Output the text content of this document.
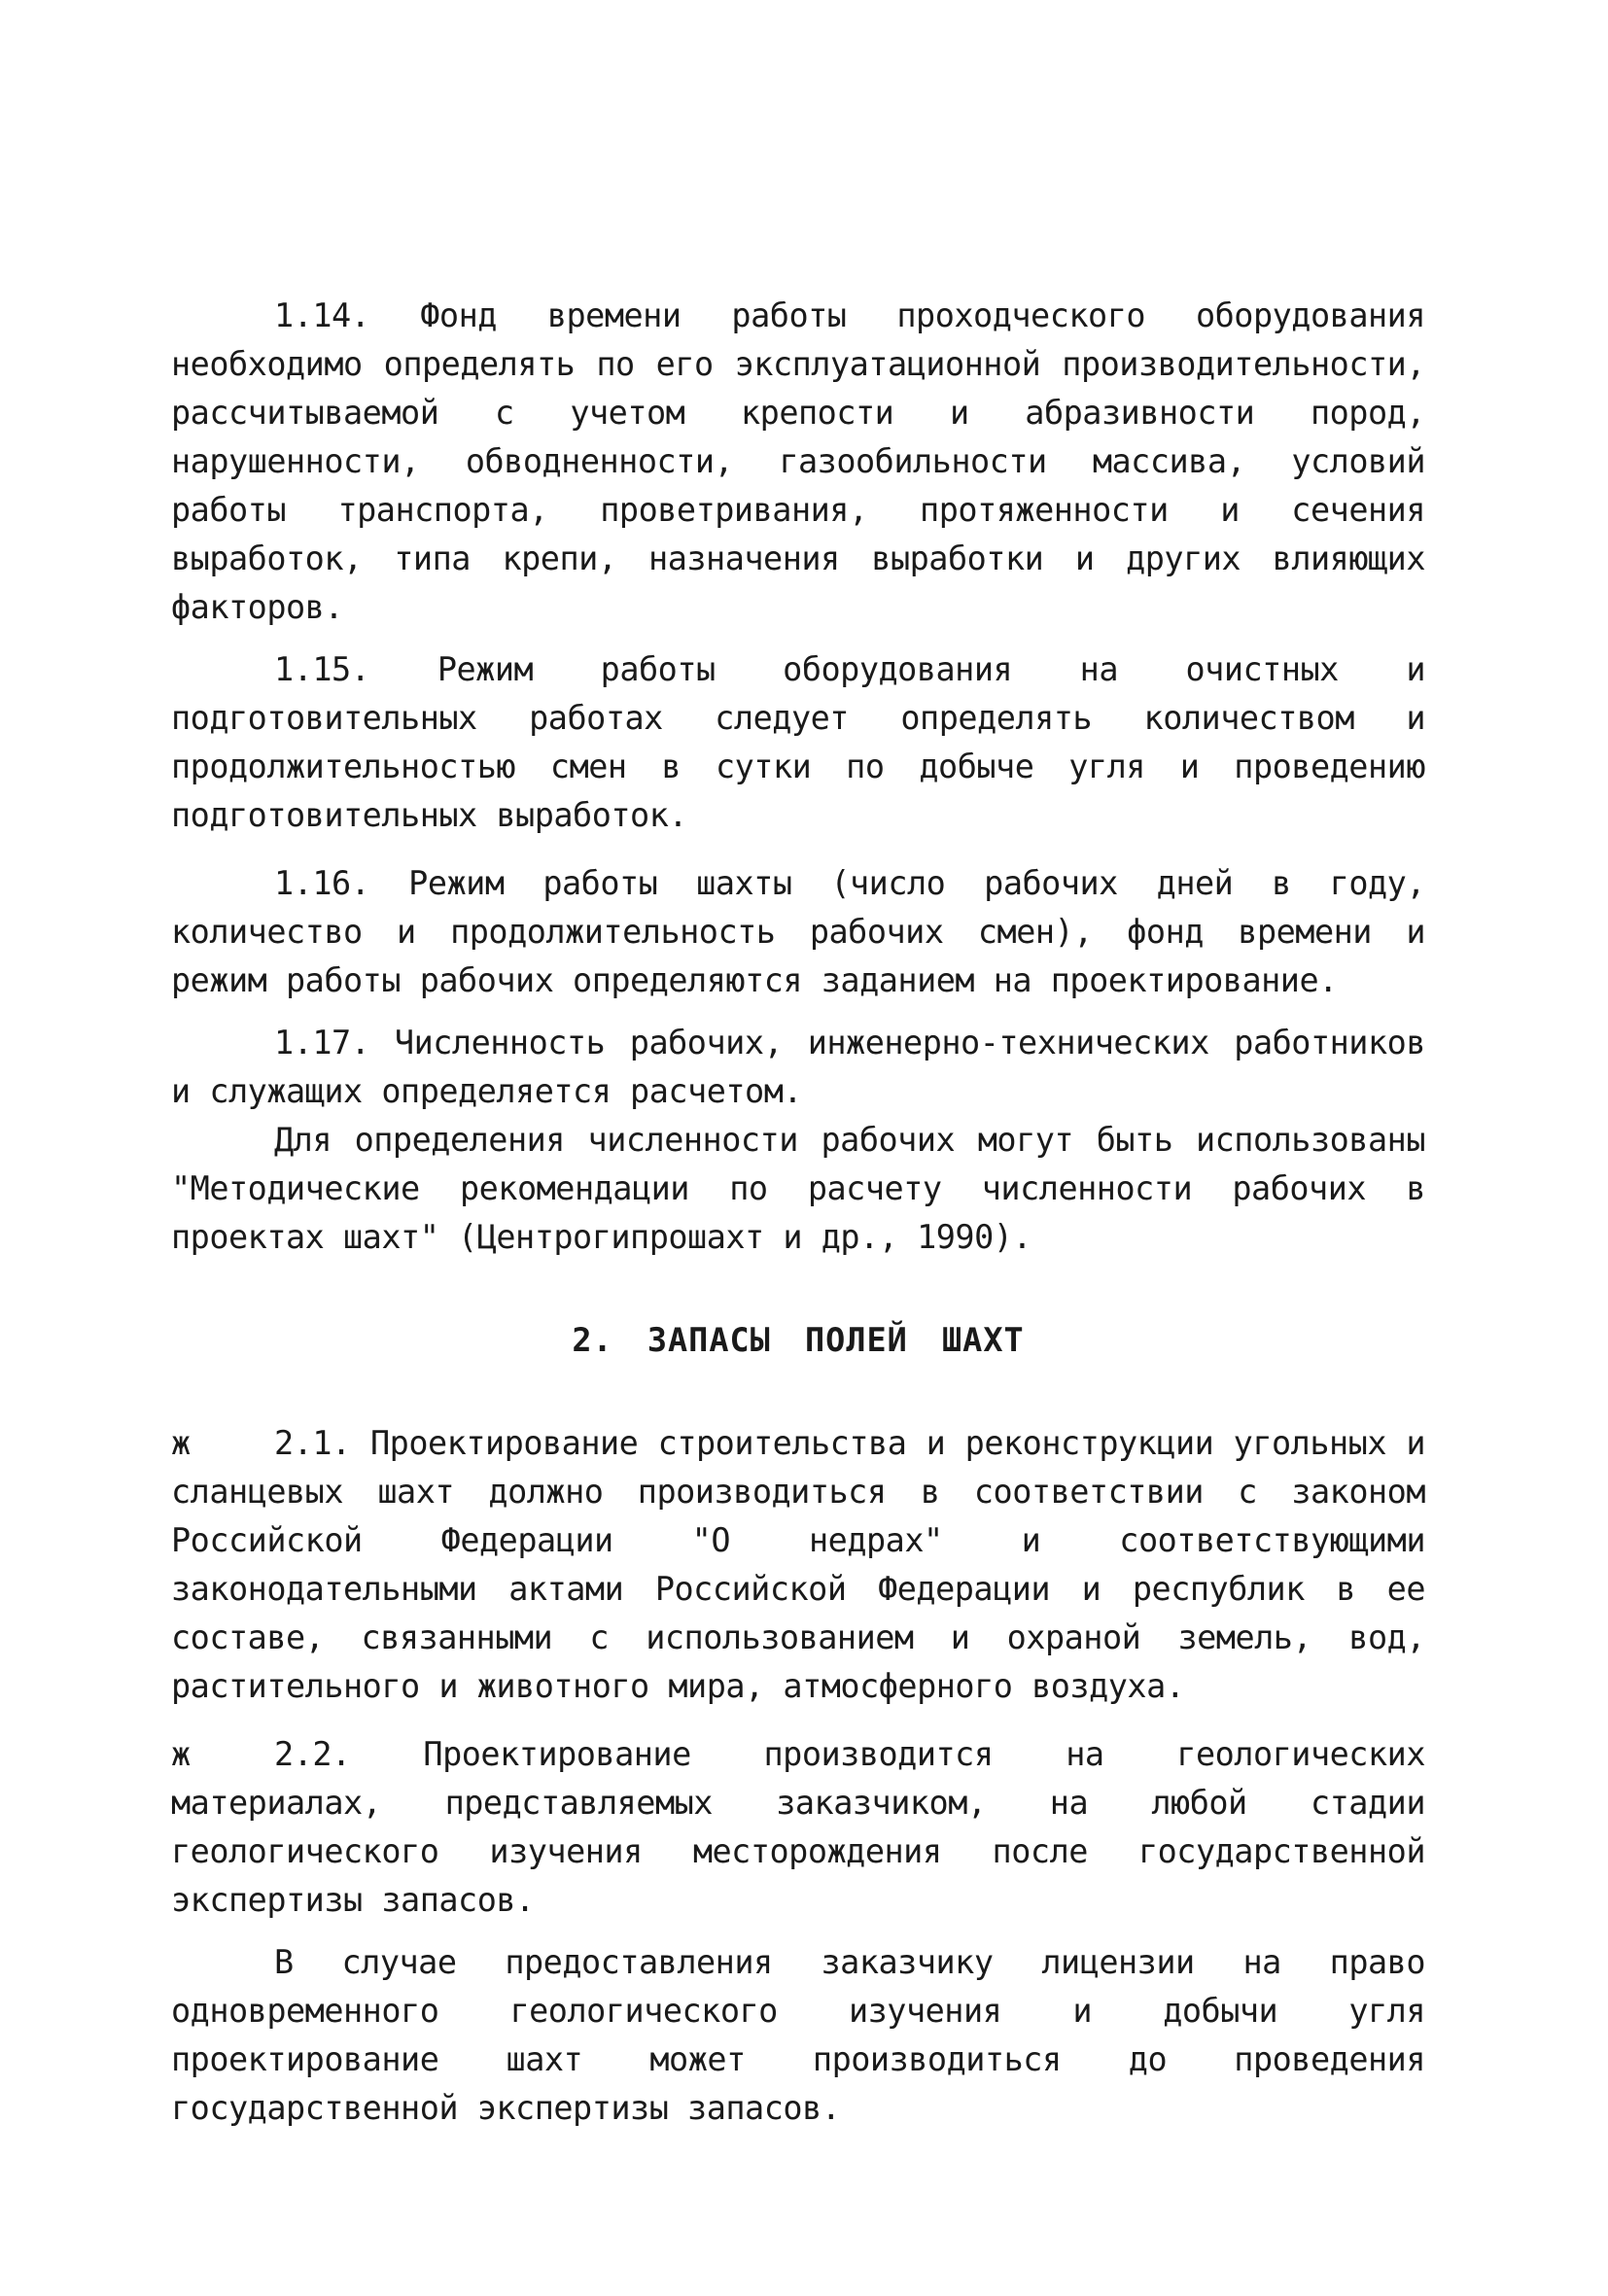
1.14. Фонд времени работы проходческого оборудования необходимо определять по его эксплуатационной производительности, рассчитываемой с учетом крепости и абразивности пород, нарушенности, обводненности, газообильности массива, условий работы транспорта, проветривания, протяженности и сечения выработок, типа крепи, назначения выработки и других влияющих факторов.

1.15. Режим работы оборудования на очистных и подготовительных работах следует определять количеством и продолжительностью смен в сутки по добыче угля и проведению подготовительных выработок.

1.16. Режим работы шахты (число рабочих дней в году, количество и продолжительность рабочих смен), фонд времени и режим работы рабочих определяются заданием на проектирование.

1.17. Численность рабочих, инженерно-технических работников и служащих определяется расчетом.

Для определения численности рабочих могут быть использованы "Методические рекомендации по расчету численности рабочих в проектах шахт" (Центрогипрошахт и др., 1990).

2. ЗАПАСЫ ПОЛЕЙ ШАХТ
ж	2.1. Проектирование строительства и реконструкции угольных и сланцевых шахт должно производиться в соответствии с законом Российской Федерации "О недрах" и соответствующими законодательными актами Российской Федерации и республик в ее составе, связанными с использованием и охраной земель, вод, растительного и животного мира, атмосферного воздуха.

ж	2.2. Проектирование производится на геологических материалах, представляемых заказчиком, на любой стадии геологического изучения месторождения после государственной экспертизы запасов.

В случае предоставления заказчику лицензии на право одновременного геологического изучения и добычи угля проектирование шахт может производиться до проведения государственной экспертизы запасов.
